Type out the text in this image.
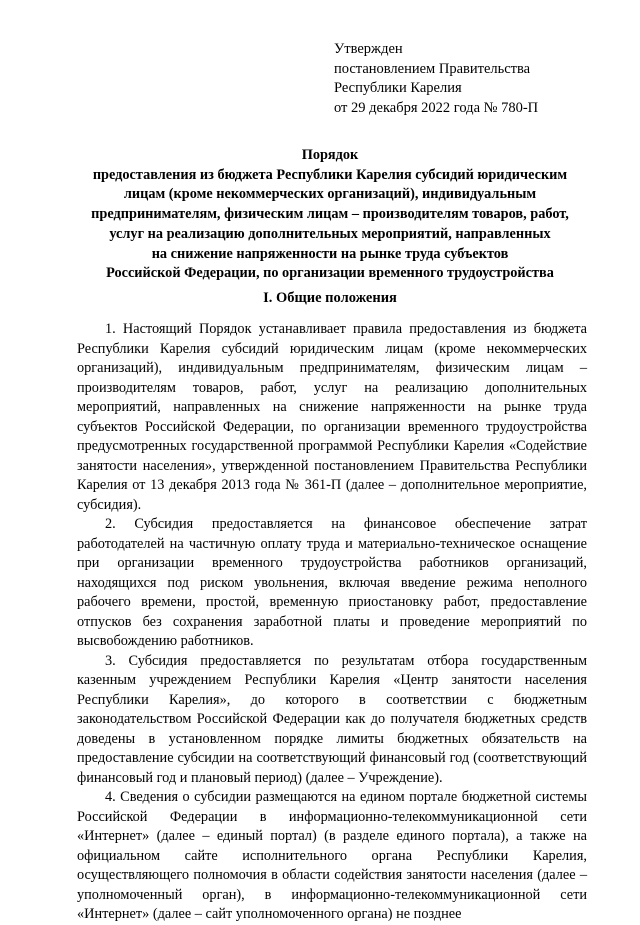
Утвержден
постановлением Правительства
Республики Карелия
от 29 декабря 2022 года № 780-П
Порядок
предоставления из бюджета Республики Карелия субсидий юридическим
лицам (кроме некоммерческих организаций), индивидуальным
предпринимателям, физическим лицам – производителям товаров, работ,
услуг на реализацию дополнительных мероприятий, направленных
на снижение напряженности на рынке труда субъектов
Российской Федерации, по организации временного трудоустройства
I. Общие положения

1. Настоящий Порядок устанавливает правила предоставления из бюджета Республики Карелия субсидий юридическим лицам (кроме некоммерческих организаций), индивидуальным предпринимателям, физическим лицам – производителям товаров, работ, услуг на реализацию дополнительных мероприятий, направленных на снижение напряженности на рынке труда субъектов Российской Федерации, по организации временного трудоустройства предусмотренных государственной программой Республики Карелия «Содействие занятости населения», утвержденной постановлением Правительства Республики Карелия от 13 декабря 2013 года № 361-П (далее – дополнительное мероприятие, субсидия).

2. Субсидия предоставляется на финансовое обеспечение затрат работодателей на частичную оплату труда и материально-техническое оснащение при организации временного трудоустройства работников организаций, находящихся под риском увольнения, включая введение режима неполного рабочего времени, простой, временную приостановку работ, предоставление отпусков без сохранения заработной платы и проведение мероприятий по высвобождению работников.

3. Субсидия предоставляется по результатам отбора государственным казенным учреждением Республики Карелия «Центр занятости населения Республики Карелия», до которого в соответствии с бюджетным законодательством Российской Федерации как до получателя бюджетных средств доведены в установленном порядке лимиты бюджетных обязательств на предоставление субсидии на соответствующий финансовый год (соответствующий финансовый год и плановый период) (далее – Учреждение).

4. Сведения о субсидии размещаются на едином портале бюджетной системы Российской Федерации в информационно-телекоммуникационной сети «Интернет» (далее – единый портал) (в разделе единого портала), а также на официальном сайте исполнительного органа Республики Карелия, осуществляющего полномочия в области содействия занятости населения (далее – уполномоченный орган), в информационно-телекоммуникационной сети «Интернет» (далее – сайт уполномоченного органа) не позднее
